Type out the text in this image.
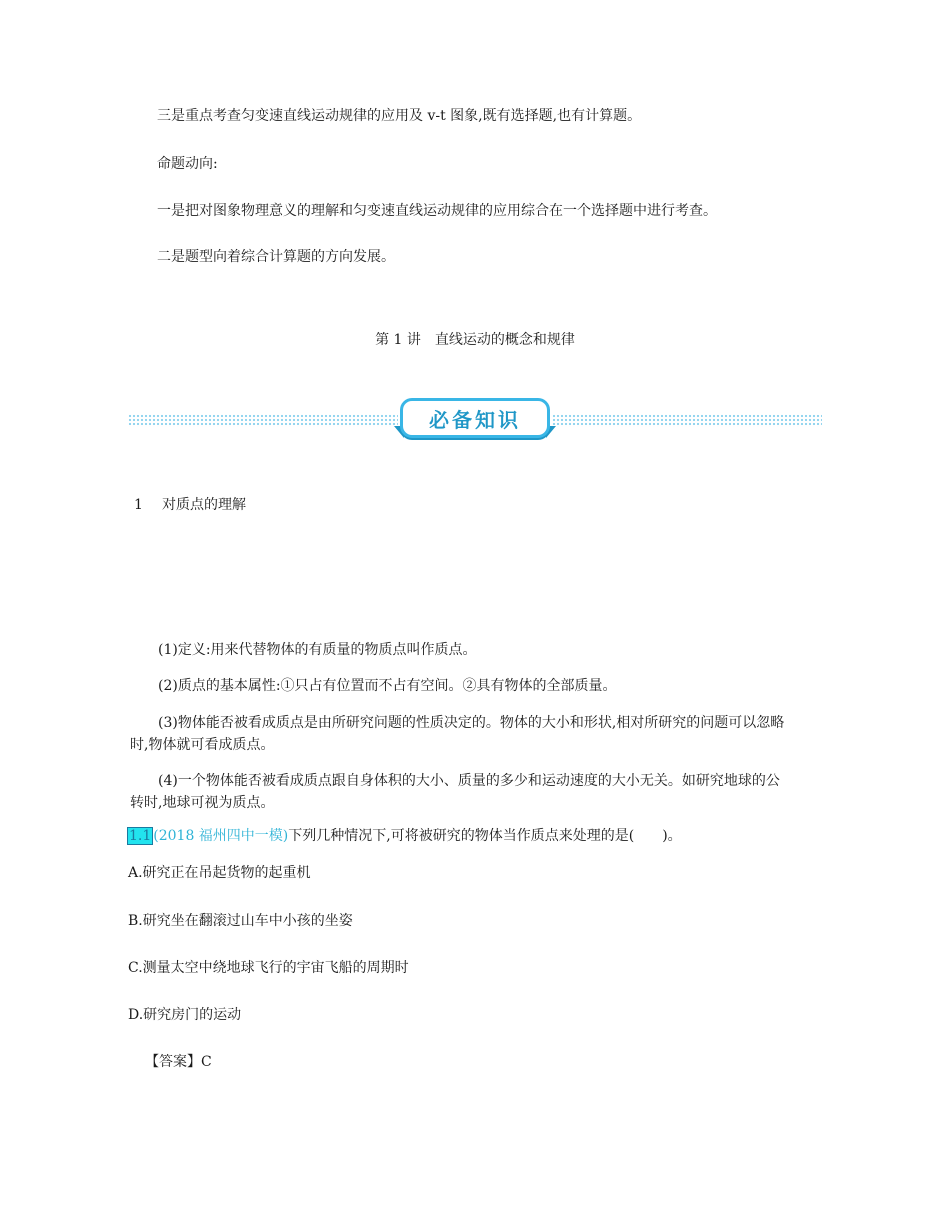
三是重点考查匀变速直线运动规律的应用及 v-t 图象,既有选择题,也有计算题。
命题动向:
一是把对图象物理意义的理解和匀变速直线运动规律的应用综合在一个选择题中进行考查。
二是题型向着综合计算题的方向发展。
第 1 讲　直线运动的概念和规律
必备知识
1 对质点的理解
(1)定义:用来代替物体的有质量的物质点叫作质点。
(2)质点的基本属性:①只占有位置而不占有空间。②具有物体的全部质量。
(3)物体能否被看成质点是由所研究问题的性质决定的。物体的大小和形状,相对所研究的问题可以忽略
时,物体就可看成质点。
(4)一个物体能否被看成质点跟自身体积的大小、质量的多少和运动速度的大小无关。如研究地球的公
转时,地球可视为质点。
1.1 (2018 福州四中一模)下列几种情况下,可将被研究的物体当作质点来处理的是(　　)。
A.研究正在吊起货物的起重机
B.研究坐在翻滚过山车中小孩的坐姿
C.测量太空中绕地球飞行的宇宙飞船的周期时
D.研究房门的运动
【答案】C
